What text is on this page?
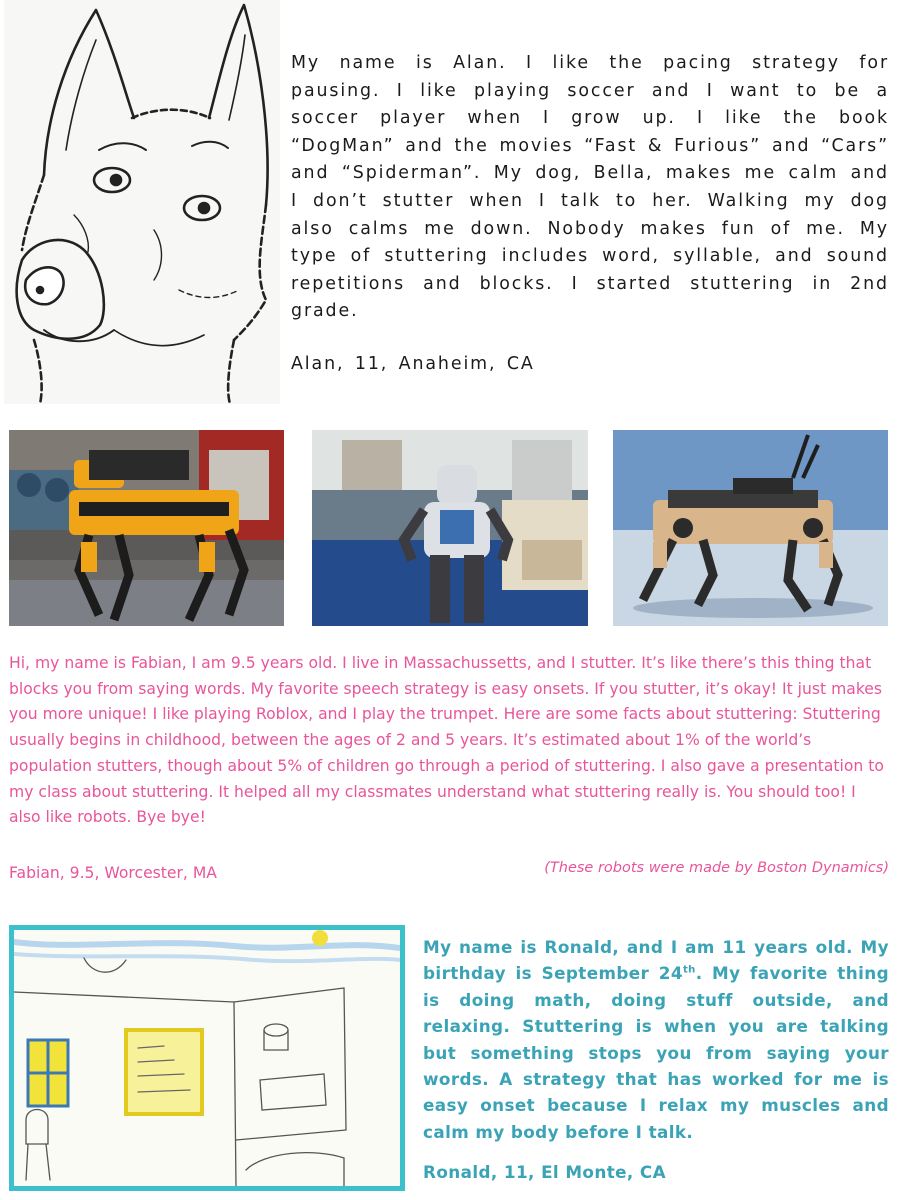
My name is Alan. I like the pacing strategy for pausing. I like playing soccer and I want to be a soccer player when I grow up. I like the book “DogMan” and the movies “Fast & Furious” and “Cars” and “Spiderman”. My dog, Bella, makes me calm and I don’t stutter when I talk to her. Walking my dog also calms me down. Nobody makes fun of me. My type of stuttering includes word, syllable, and sound repetitions and blocks. I started stuttering in 2nd grade.

Alan, 11, Anaheim, CA

Hi, my name is Fabian, I am 9.5 years old. I live in Massachussetts, and I stutter. It’s like there’s this thing that blocks you from saying words. My favorite speech strategy is easy onsets. If you stutter, it’s okay! It just makes you more unique! I like playing Roblox, and I play the trumpet. Here are some facts about stuttering: Stuttering usually begins in childhood, between the ages of 2 and 5 years. It’s estimated about 1% of the world’s population stutters, though about 5% of children go through a period of stuttering. I also gave a presentation to my class about stuttering. It helped all my classmates understand what stuttering really is. You should too! I also like robots. Bye bye!

Fabian, 9.5, Worcester, MA	(These robots were made by Boston Dynamics)

My name is Ronald, and I am 11 years old. My birthday is September 24th. My favorite thing is doing math, doing stuff outside, and relaxing. Stuttering is when you are talking but something stops you from saying your words. A strategy that has worked for me is easy onset because I relax my muscles and calm my body before I talk.

Ronald, 11, El Monte, CA
